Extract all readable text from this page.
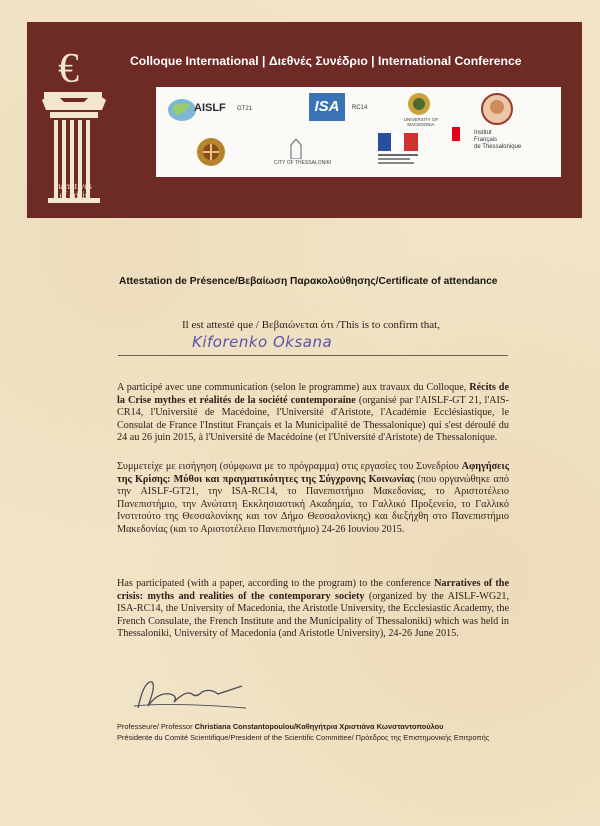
€
narratives
of crisis
Colloque International | Διεθνές Συνέδριο | International Conference
AISLF GT21	ISA	RC14
UNIVERSITY OF MACEDONIA
CITY OF THESSALONIKI
Institut
Français
de Thessalonique
Attestation de Présence/Βεβαίωση Παρακολούθησης/Certificate of attendance
Il est attesté que / Βεβαιώνεται ότι /This is to confirm that,
Kiforenko Oksana
A participé avec une communication (selon le programme) aux travaux du Colloque, Récits de la Crise mythes et réalités de la société contemporaine (organisé par l'AISLF-GT 21, l'AIS-CR14, l'Université de Macédoine, l'Université d'Aristote, l'Académie Ecclésiastique, le Consulat de France l'Institut Français et la Municipalité de Thessalonique) qui s'est déroulé du 24 au 26 juin 2015, à l'Université de Macédoine (et l'Université d'Aristote) de Thessalonique.
Συμμετείχε με εισήγηση (σύμφωνα με το πρόγραμμα) στις εργασίες του Συνεδρίου Αφηγήσεις της Κρίσης: Μύθοι και πραγματικότητες της Σύγχρονης Κοινωνίας (που οργανώθηκε από την AISLF-GT21, την ISA-RC14, το Πανεπιστήμιο Μακεδονίας, το Αριστοτέλειο Πανεπιστήμιο, την Ανώτατη Εκκλησιαστική Ακαδημία, το Γαλλικό Προξενείο, το Γαλλικό Ινστιτούτο της Θεσσαλονίκης και τον Δήμο Θεσσαλονίκης) και διεξήχθη στο Πανεπιστήμιο Μακεδονίας (και το Αριστοτέλειο Πανεπιστήμιο) 24-26 Ιουνίου 2015.
Has participated (with a paper, according to the program) to the conference Narratives of the crisis: myths and realities of the contemporary society (organized by the AISLF-WG21, ISA-RC14, the University of Macedonia, the Aristotle University, the Ecclesiastic Academy, the French Consulate, the French Institute and the Municipality of Thessaloniki) which was held in Thessaloniki, University of Macedonia (and Aristotle University), 24-26 June 2015.
Professeure/ Professor Christiana Constantopoulou/Καθηγήτρια Χριστιάνα Κωνσταντοπούλου
Présidente du Comité Scientifique/President of the Scientific Committee/ Πρόεδρος της Επιστημονικής Επιτροπής
